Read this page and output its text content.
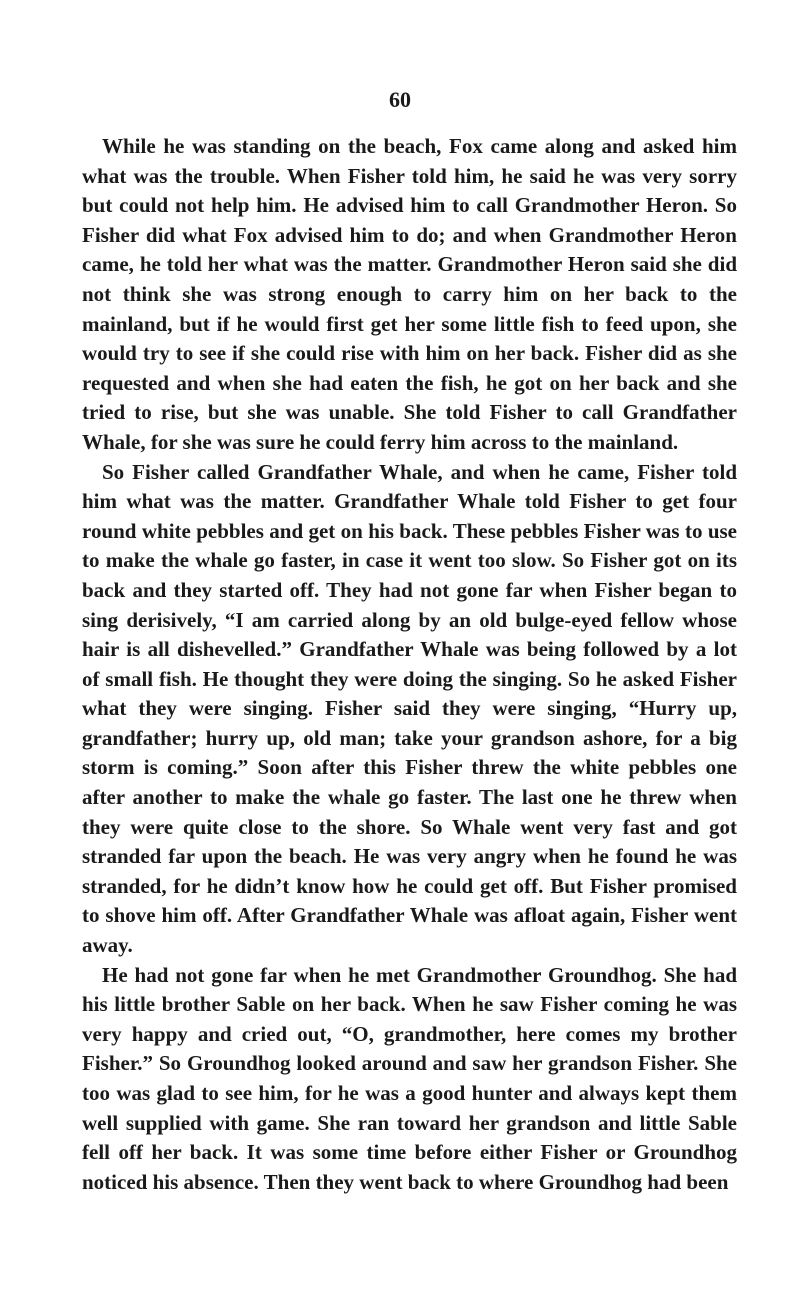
60

While he was standing on the beach, Fox came along and asked him what was the trouble. When Fisher told him, he said he was very sorry but could not help him. He advised him to call Grandmother Heron. So Fisher did what Fox advised him to do; and when Grandmother Heron came, he told her what was the matter. Grandmother Heron said she did not think she was strong enough to carry him on her back to the mainland, but if he would first get her some little fish to feed upon, she would try to see if she could rise with him on her back. Fisher did as she requested and when she had eaten the fish, he got on her back and she tried to rise, but she was unable. She told Fisher to call Grandfather Whale, for she was sure he could ferry him across to the mainland.

So Fisher called Grandfather Whale, and when he came, Fisher told him what was the matter. Grandfather Whale told Fisher to get four round white pebbles and get on his back. These pebbles Fisher was to use to make the whale go faster, in case it went too slow. So Fisher got on its back and they started off. They had not gone far when Fisher began to sing derisively, “I am carried along by an old bulge-eyed fellow whose hair is all dishevelled.” Grandfather Whale was being followed by a lot of small fish. He thought they were doing the singing. So he asked Fisher what they were singing. Fisher said they were singing, “Hurry up, grandfather; hurry up, old man; take your grandson ashore, for a big storm is coming.” Soon after this Fisher threw the white pebbles one after another to make the whale go faster. The last one he threw when they were quite close to the shore. So Whale went very fast and got stranded far upon the beach. He was very angry when he found he was stranded, for he didn’t know how he could get off. But Fisher promised to shove him off. After Grandfather Whale was afloat again, Fisher went away.

He had not gone far when he met Grandmother Groundhog. She had his little brother Sable on her back. When he saw Fisher coming he was very happy and cried out, “O, grandmother, here comes my brother Fisher.” So Groundhog looked around and saw her grandson Fisher. She too was glad to see him, for he was a good hunter and always kept them well supplied with game. She ran toward her grandson and little Sable fell off her back. It was some time before either Fisher or Groundhog noticed his absence. Then they went back to where Groundhog had been
